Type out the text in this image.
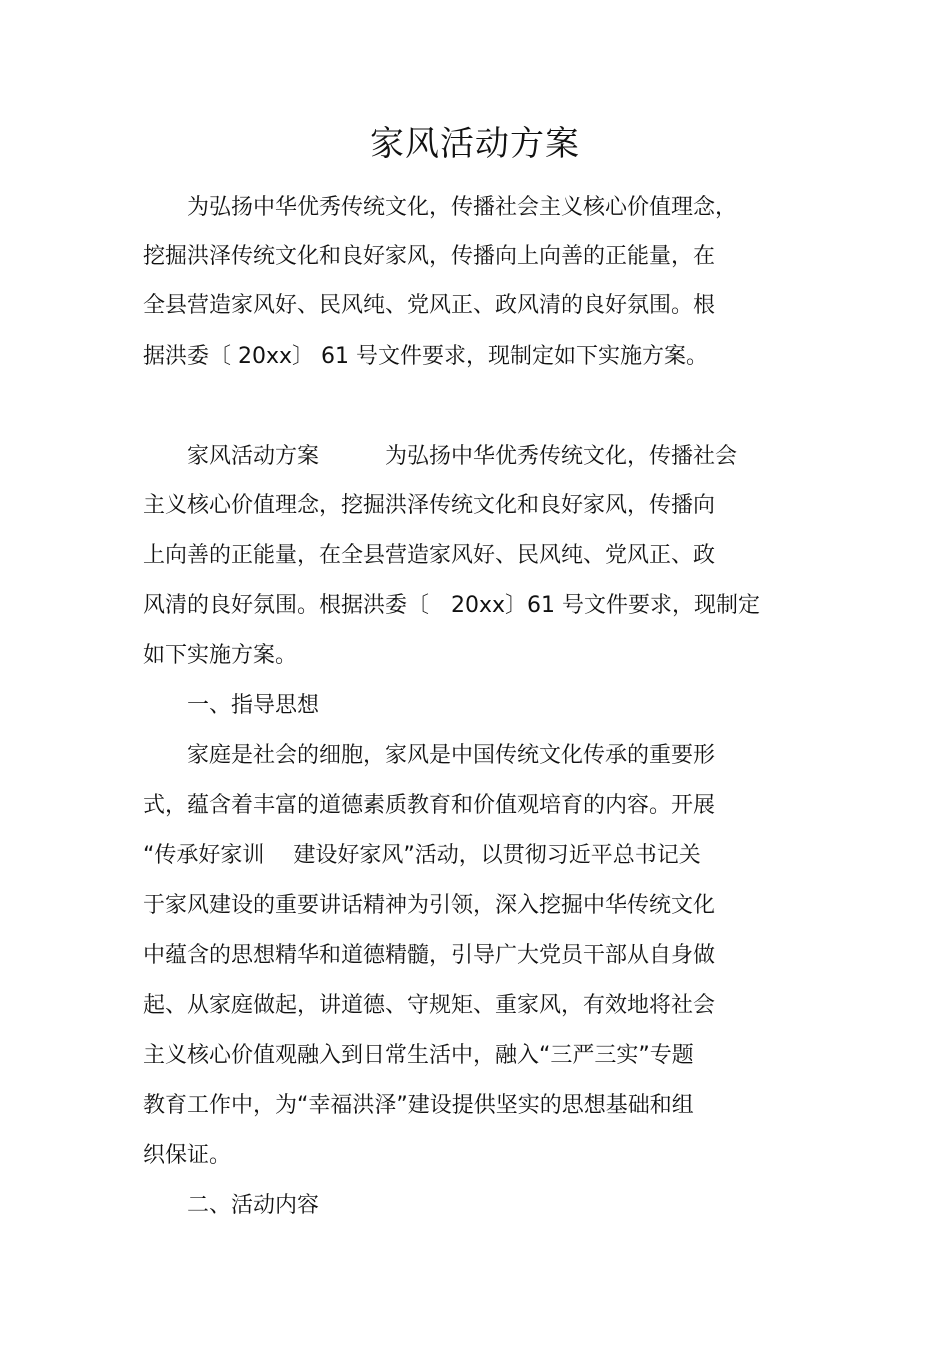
家风活动方案
　　为弘扬中华优秀传统文化，传播社会主义核心价值理念，
挖掘洪泽传统文化和良好家风，传播向上向善的正能量，在
全县营造家风好、民风纯、党风正、政风清的良好氛围。根
据洪委〔 20xx〕 61 号文件要求，现制定如下实施方案。
　　家风活动方案　　　为弘扬中华优秀传统文化，传播社会
主义核心价值理念，挖掘洪泽传统文化和良好家风，传播向
上向善的正能量，在全县营造家风好、民风纯、党风正、政
风清的良好氛围。根据洪委〔　20xx〕61 号文件要求，现制定
如下实施方案。
　　一、指导思想
　　家庭是社会的细胞，家风是中国传统文化传承的重要形
式，蕴含着丰富的道德素质教育和价值观培育的内容。开展
“传承好家训　 建设好家风”活动，以贯彻习近平总书记关
于家风建设的重要讲话精神为引领，深入挖掘中华传统文化
中蕴含的思想精华和道德精髓，引导广大党员干部从自身做
起、从家庭做起，讲道德、守规矩、重家风，有效地将社会
主义核心价值观融入到日常生活中，融入“三严三实”专题
教育工作中，为“幸福洪泽”建设提供坚实的思想基础和组
织保证。
　　二、活动内容
